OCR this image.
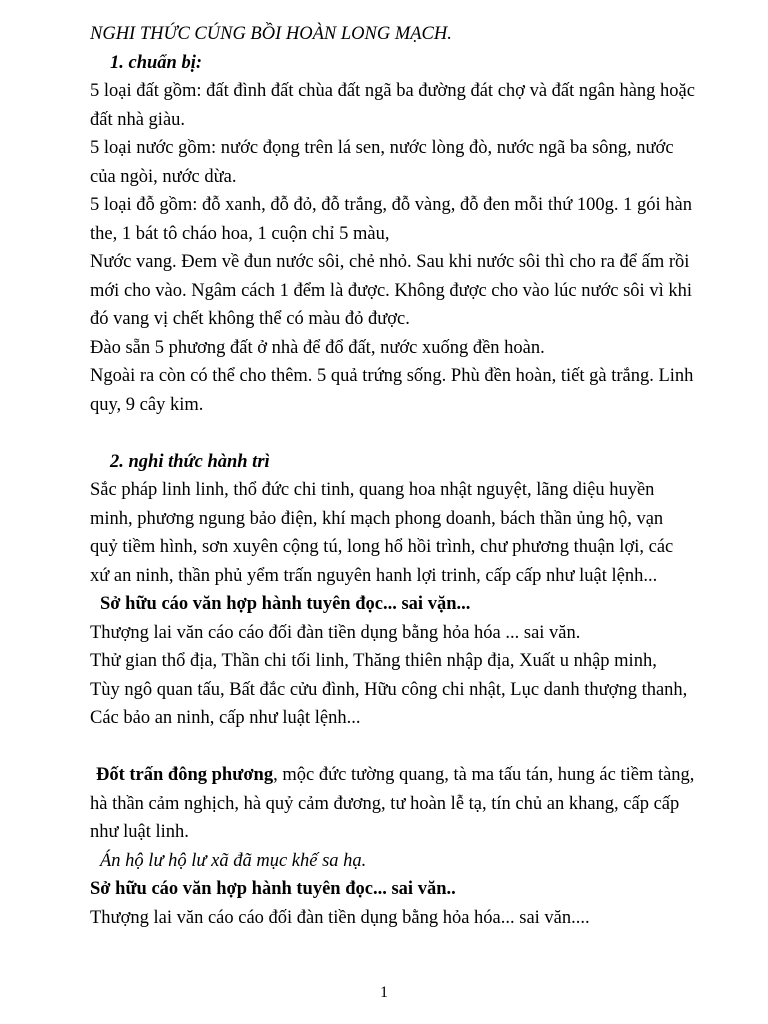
NGHI THỨC CÚNG BỒI HOÀN LONG MẠCH.
1. chuẩn bị:
5 loại đất gồm: đất đình đất chùa đất ngã ba đường đát chợ và đất ngân hàng hoặc
đất nhà giàu.
5 loại nước gồm: nước đọng trên lá sen, nước lòng đò, nước ngã ba sông, nước
của ngòi, nước dừa.
5 loại đỗ gồm: đỗ xanh, đỗ đỏ, đỗ trắng, đỗ vàng, đỗ đen mỗi thứ 100g. 1 gói hàn
the, 1 bát tô cháo hoa, 1 cuộn chỉ 5 màu,
Nước vang. Đem về đun nước sôi, chẻ nhỏ. Sau khi nước sôi thì cho ra để ấm rồi
mới cho vào. Ngâm cách 1 đểm là được. Không được cho vào lúc nước sôi vì khi
đó vang vị chết không thể có màu đỏ được.
Đào sẵn 5 phương đất ở nhà để đổ đất, nước xuống đền hoàn.
Ngoài ra còn có thể cho thêm. 5 quả trứng sống. Phù đền hoàn, tiết gà trắng. Linh
quy, 9 cây kim.
2. nghi thức hành trì
Sắc pháp linh linh, thổ đức chi tinh, quang hoa nhật nguyệt, lãng diệu huyền
minh, phương ngung bảo điện, khí mạch phong doanh, bách thần ủng hộ, vạn
quỷ tiềm hình, sơn xuyên cộng tú, long hổ hồi trình, chư phương thuận lợi, các
xứ an ninh, thần phủ yểm trấn nguyên hanh lợi trinh, cấp cấp như luật lệnh...
Sở hữu cáo văn hợp hành tuyên đọc... sai vặn...
Thượng lai văn cáo cáo đối đàn tiền dụng bằng hỏa hóa ... sai văn.
Thử gian thổ địa, Thần chi tối linh, Thăng thiên nhập địa, Xuất u nhập minh,
Tùy ngô quan tấu, Bất đắc cửu đình, Hữu công chi nhật, Lục danh thượng thanh,
Các bảo an ninh, cấp như luật lệnh...
Đốt trấn đông phương, mộc đức tường quang, tà ma tấu tán, hung ác tiềm tàng,
hà thần cảm nghịch, hà quỷ cảm đương, tư hoàn lễ tạ, tín chủ an khang, cấp cấp
như luật linh.
Án hộ lư hộ lư xã đã mục khế sa hạ.
Sở hữu cáo văn hợp hành tuyên đọc... sai văn..
Thượng lai văn cáo cáo đối đàn tiền dụng bằng hỏa hóa... sai văn....
1
